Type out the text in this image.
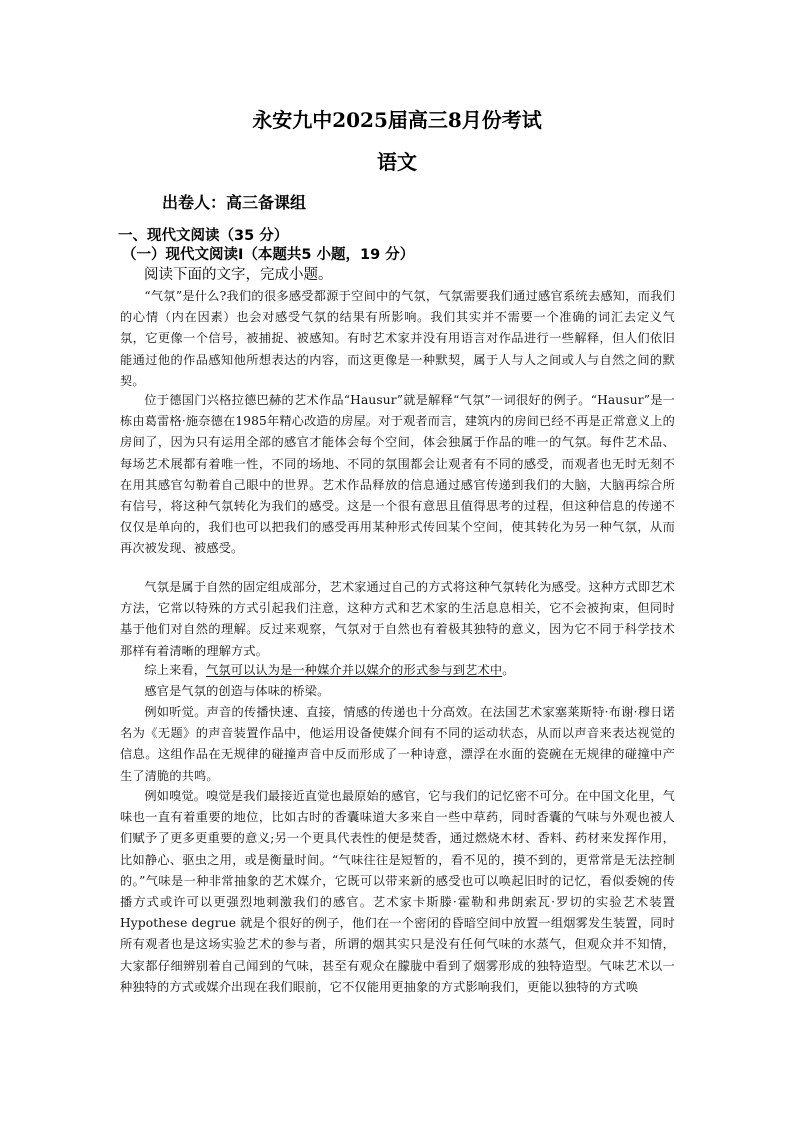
永安九中2025届高三8月份考试
语文
出卷人：高三备课组
一、现代文阅读（35 分）
（一）现代文阅读Ⅰ（本题共5 小题，19 分）
阅读下面的文字，完成小题。

“气氛”是什么?我们的很多感受都源于空间中的气氛，气氛需要我们通过感官系统去感知，而我们的心情（内在因素）也会对感受气氛的结果有所影响。我们其实并不需要一个准确的词汇去定义气氛，它更像一个信号，被捕捉、被感知。有时艺术家并没有用语言对作品进行一些解释，但人们依旧能通过他的作品感知他所想表达的内容，而这更像是一种默契，属于人与人之间或人与自然之间的默契。

位于德国门兴格拉德巴赫的艺术作品“Hausur”就是解释“气氛”一词很好的例子。“Hausur”是一栋由葛雷格·施奈德在1985年精心改造的房屋。对于观者而言，建筑内的房间已经不再是正常意义上的房间了，因为只有运用全部的感官才能体会每个空间，体会独属于作品的唯一的气氛。每件艺术品、每场艺术展都有着唯一性，不同的场地、不同的氛围都会让观者有不同的感受，而观者也无时无刻不在用其感官勾勒着自己眼中的世界。艺术作品释放的信息通过感官传递到我们的大脑，大脑再综合所有信号，将这种气氛转化为我们的感受。这是一个很有意思且值得思考的过程，但这种信息的传递不仅仅是单向的，我们也可以把我们的感受再用某种形式传回某个空间，使其转化为另一种气氛，从而再次被发现、被感受。

气氛是属于自然的固定组成部分，艺术家通过自己的方式将这种气氛转化为感受。这种方式即艺术方法，它常以特殊的方式引起我们注意，这种方式和艺术家的生活息息相关，它不会被拘束，但同时基于他们对自然的理解。反过来观察，气氛对于自然也有着极其独特的意义，因为它不同于科学技术那样有着清晰的理解方式。

综上来看，气氛可以认为是一种媒介并以媒介的形式参与到艺术中。

感官是气氛的创造与体味的桥梁。

例如听觉。声音的传播快速、直接，情感的传递也十分高效。在法国艺术家塞莱斯特·布谢·穆日诺名为《无题》的声音装置作品中，他运用设备使媒介间有不同的运动状态，从而以声音来表达视觉的信息。这组作品在无规律的碰撞声音中反而形成了一种诗意，漂浮在水面的瓷碗在无规律的碰撞中产生了清脆的共鸣。

例如嗅觉。嗅觉是我们最接近直觉也最原始的感官，它与我们的记忆密不可分。在中国文化里，气味也一直有着重要的地位，比如古时的香囊味道大多来自一些中草药，同时香囊的气味与外观也被人们赋予了更多更重要的意义;另一个更具代表性的便是焚香，通过燃烧木材、香料、药材来发挥作用，比如静心、驱虫之用，或是衡量时间。“气味往往是短暂的，看不见的，摸不到的，更常常是无法控制的。”气味是一种非常抽象的艺术媒介，它既可以带来新的感受也可以唤起旧时的记忆，看似委婉的传播方式或许可以更强烈地刺激我们的感官。艺术家卡斯滕·霍勒和弗朗索瓦·罗切的实验艺术装置 Hypothese degrue 就是个很好的例子，他们在一个密闭的昏暗空间中放置一组烟雾发生装置，同时所有观者也是这场实验艺术的参与者，所谓的烟其实只是没有任何气味的水蒸气，但观众并不知情，大家都仔细辨别着自己闻到的气味，甚至有观众在朦胧中看到了烟雾形成的独特造型。气味艺术以一种独特的方式或媒介出现在我们眼前，它不仅能用更抽象的方式影响我们，更能以独特的方式唤
